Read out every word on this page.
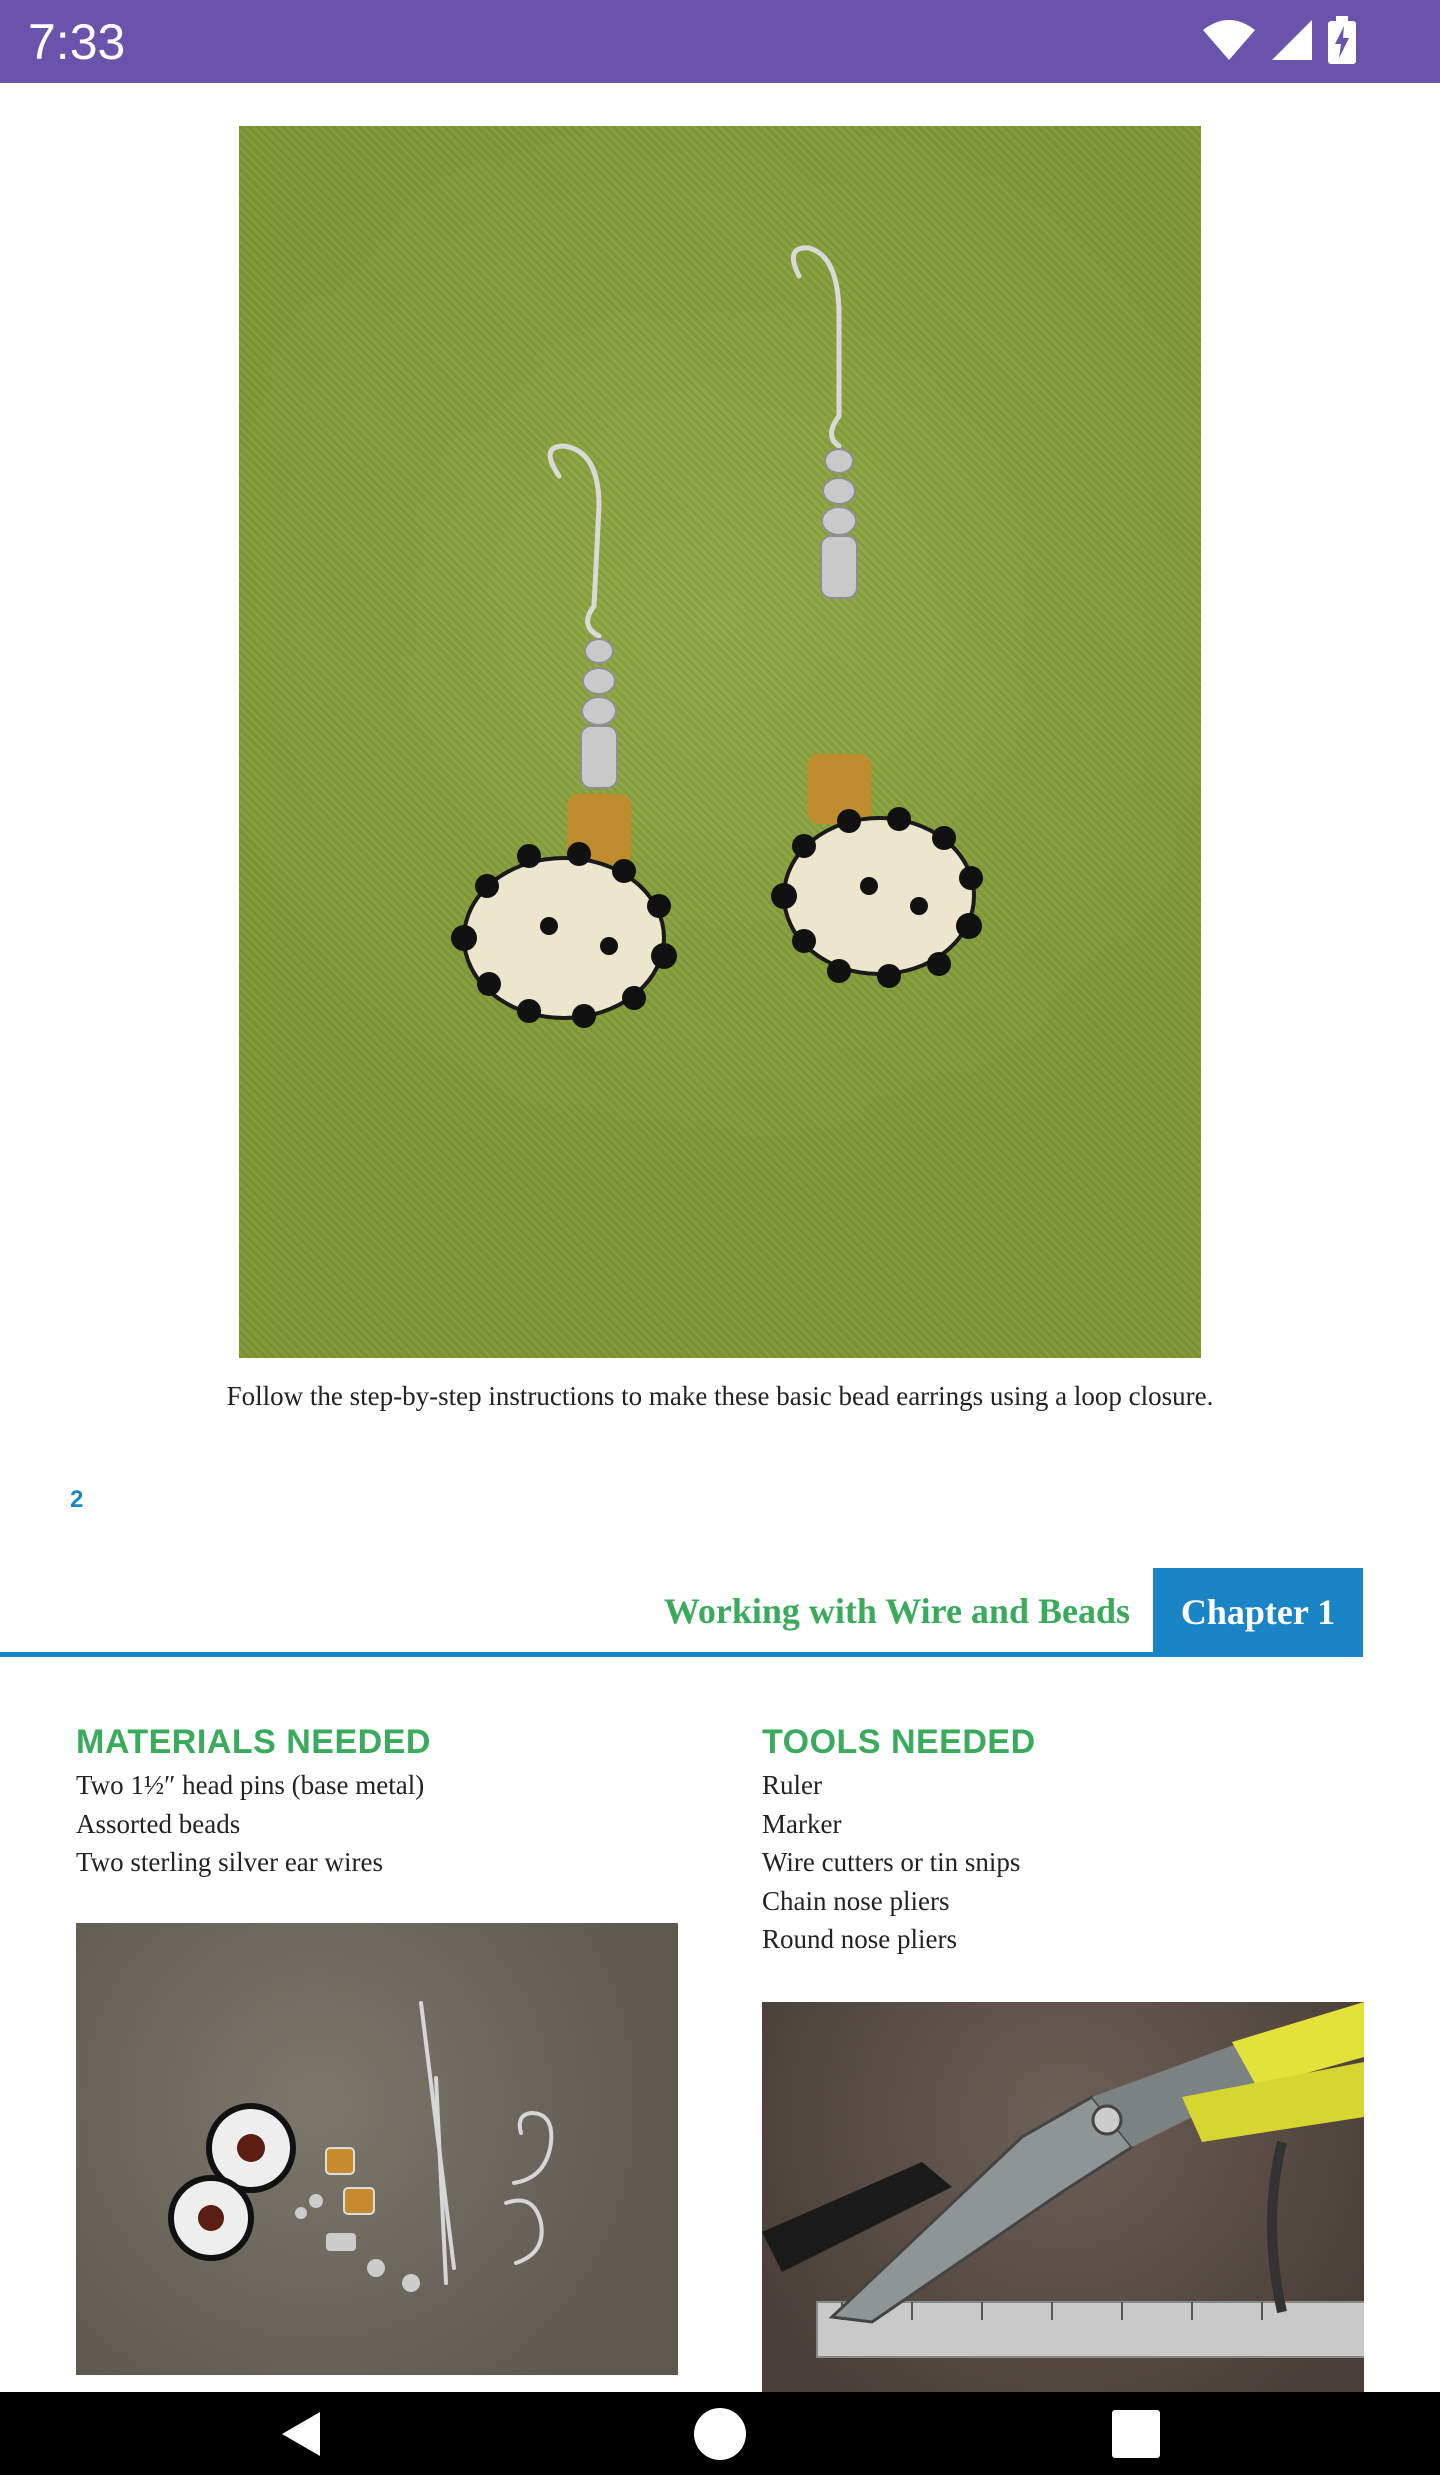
7:33

Follow the step-by-step instructions to make these basic bead earrings using a loop closure.

2
Working with Wire and Beads	Chapter 1
MATERIALS NEEDED
Two 1½″ head pins (base metal)
Assorted beads
Two sterling silver ear wires
TOOLS NEEDED
Ruler
Marker
Wire cutters or tin snips
Chain nose pliers
Round nose pliers
